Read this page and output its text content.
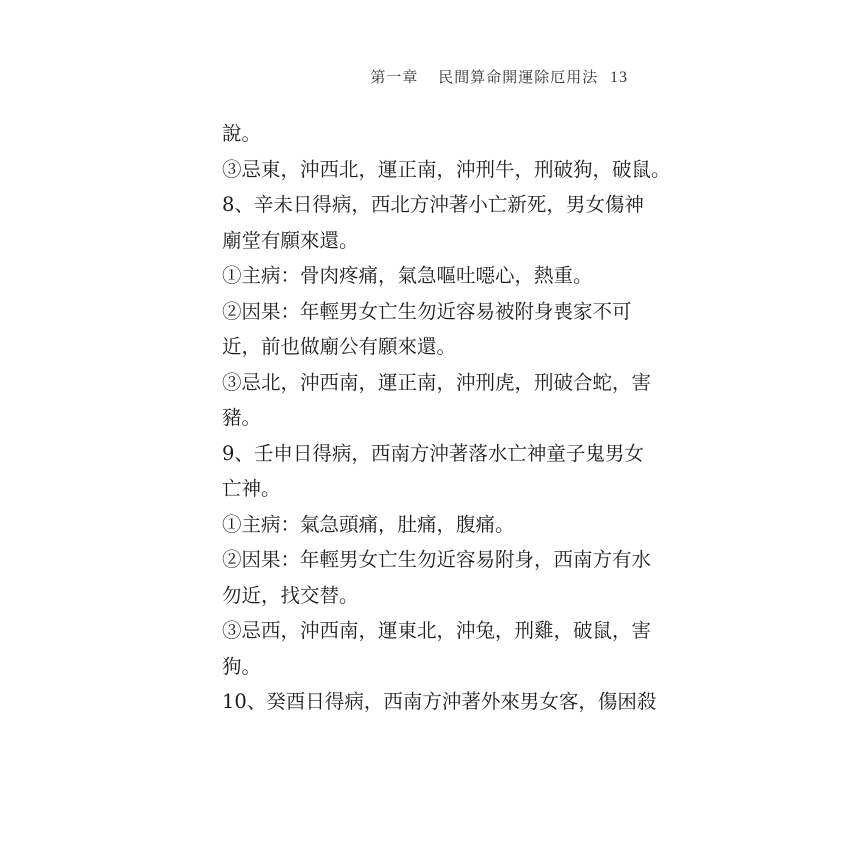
第一章 民間算命開運除厄用法 13
說。
③忌東，沖西北，運正南，沖刑牛，刑破狗，破鼠。
8、辛未日得病，西北方沖著小亡新死，男女傷神
廟堂有願來還。
①主病：骨肉疼痛，氣急嘔吐噁心，熱重。
②因果：年輕男女亡生勿近容易被附身喪家不可
近，前也做廟公有願來還。
③忌北，沖西南，運正南，沖刑虎，刑破合蛇，害
豬。
9、壬申日得病，西南方沖著落水亡神童子鬼男女
亡神。
①主病：氣急頭痛，肚痛，腹痛。
②因果：年輕男女亡生勿近容易附身，西南方有水
勿近，找交替。
③忌西，沖西南，運東北，沖兔，刑雞，破鼠，害
狗。
10、癸酉日得病，西南方沖著外來男女客，傷困殺
